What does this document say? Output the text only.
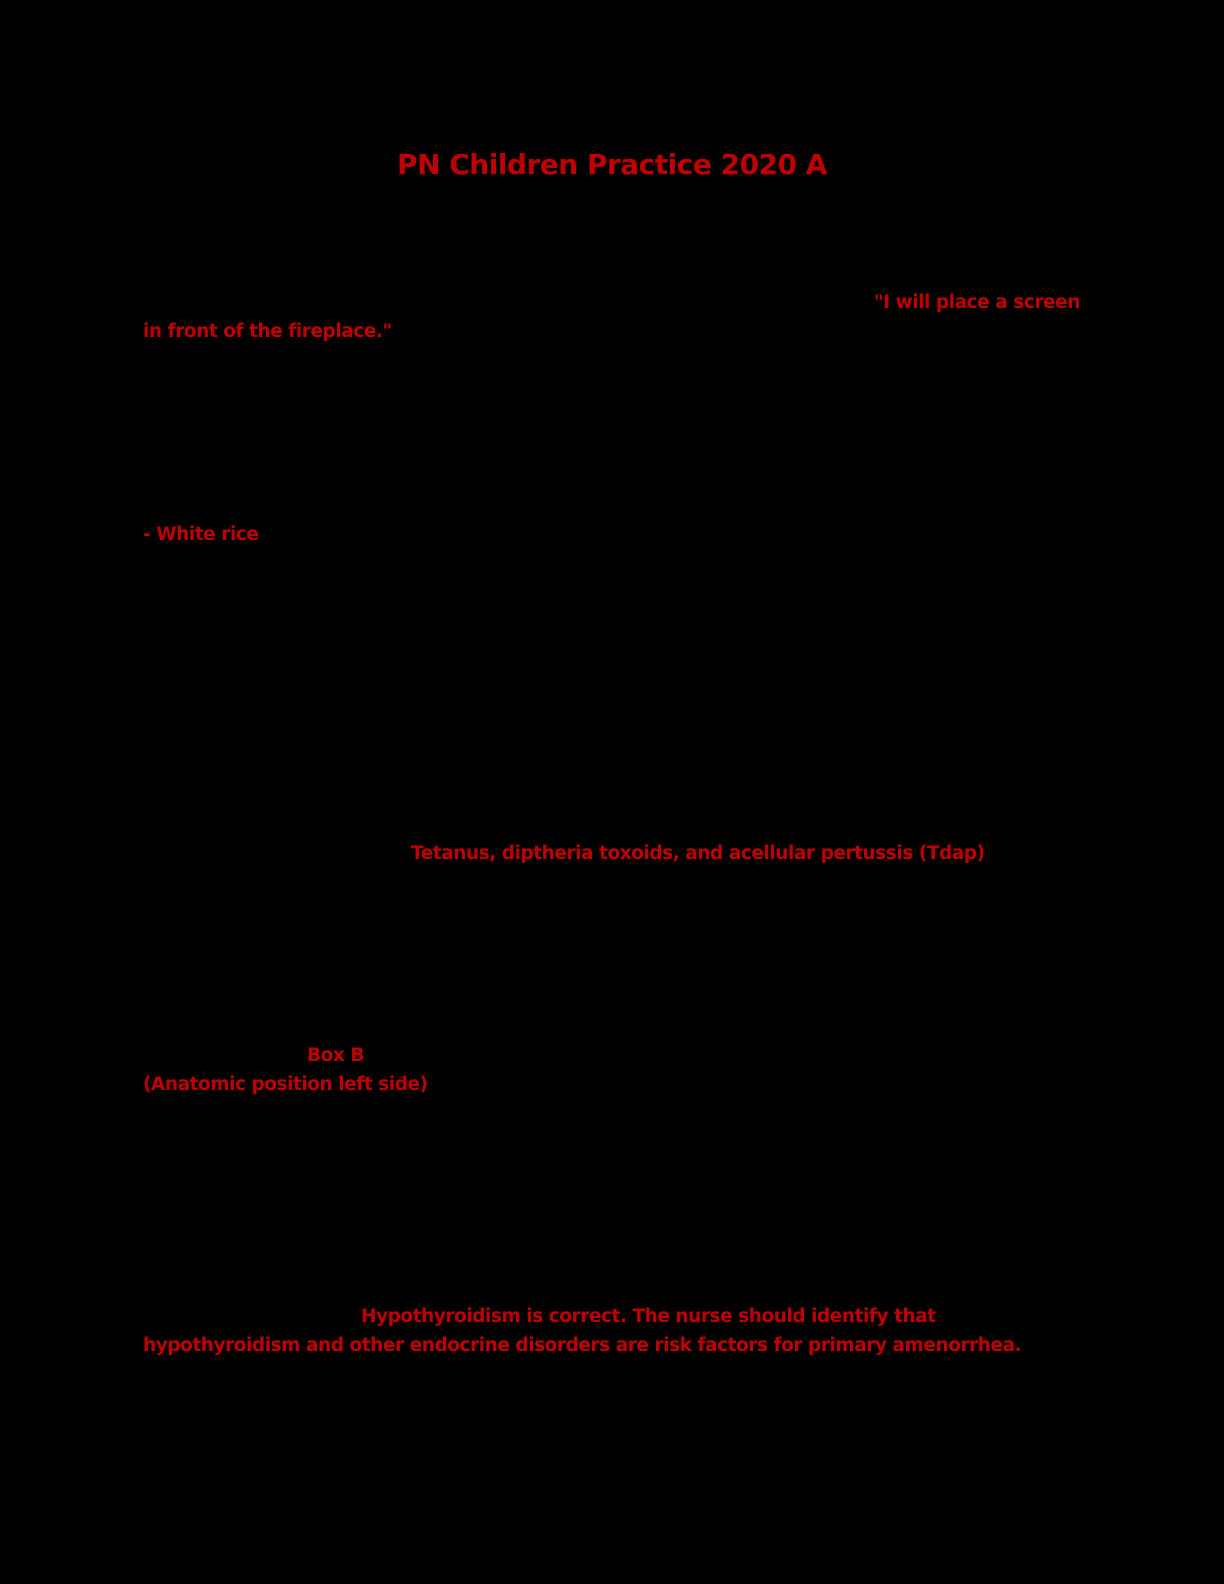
PN Children Practice 2020 A
"I will place a screen
in front of the fireplace."
- White rice
Tetanus, diptheria toxoids, and acellular pertussis (Tdap)
Box B
(Anatomic position left side)
Hypothyroidism is correct. The nurse should identify that
hypothyroidism and other endocrine disorders are risk factors for primary amenorrhea.
